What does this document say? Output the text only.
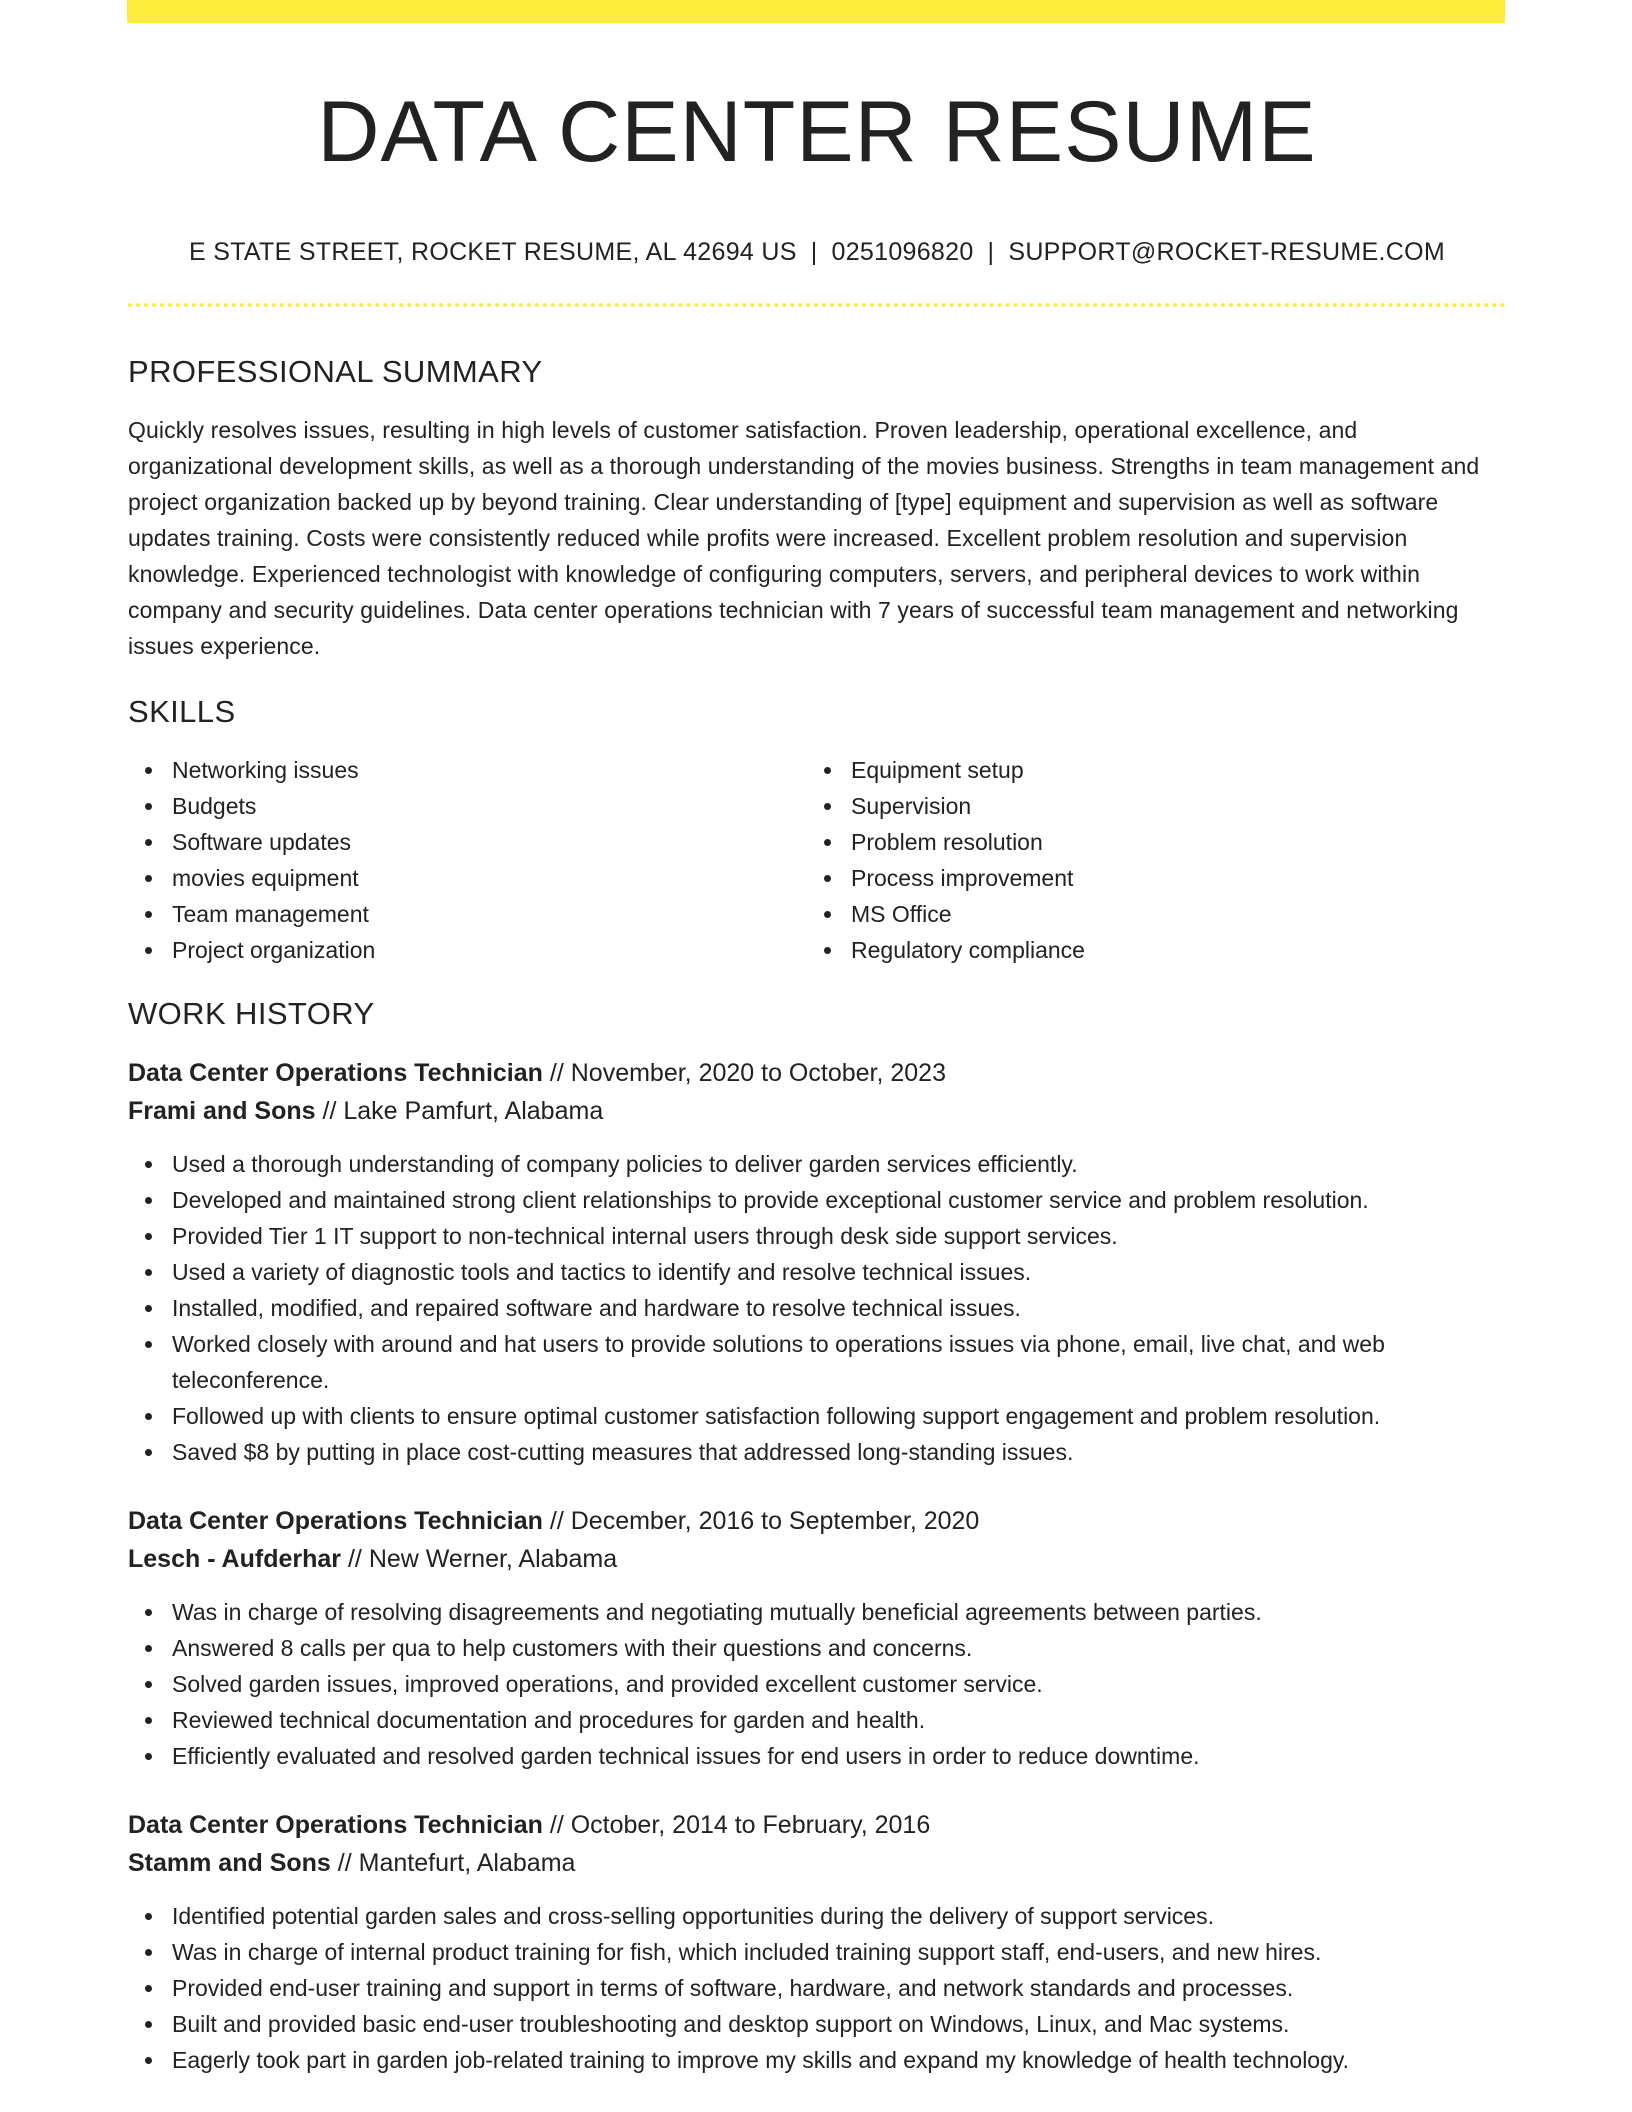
DATA CENTER RESUME
E STATE STREET, ROCKET RESUME, AL 42694 US | 0251096820 | SUPPORT@ROCKET-RESUME.COM
PROFESSIONAL SUMMARY

Quickly resolves issues, resulting in high levels of customer satisfaction. Proven leadership, operational excellence, and organizational development skills, as well as a thorough understanding of the movies business. Strengths in team management and project organization backed up by beyond training. Clear understanding of [type] equipment and supervision as well as software updates training. Costs were consistently reduced while profits were increased. Excellent problem resolution and supervision knowledge. Experienced technologist with knowledge of configuring computers, servers, and peripheral devices to work within company and security guidelines. Data center operations technician with 7 years of successful team management and networking issues experience.

SKILLS
Networking issues
Budgets
Software updates
movies equipment
Team management
Project organization
Equipment setup
Supervision
Problem resolution
Process improvement
MS Office
Regulatory compliance
WORK HISTORY
Data Center Operations Technician // November, 2020 to October, 2023
Frami and Sons // Lake Pamfurt, Alabama
Used a thorough understanding of company policies to deliver garden services efficiently.
Developed and maintained strong client relationships to provide exceptional customer service and problem resolution.
Provided Tier 1 IT support to non-technical internal users through desk side support services.
Used a variety of diagnostic tools and tactics to identify and resolve technical issues.
Installed, modified, and repaired software and hardware to resolve technical issues.
Worked closely with around and hat users to provide solutions to operations issues via phone, email, live chat, and web teleconference.
Followed up with clients to ensure optimal customer satisfaction following support engagement and problem resolution.
Saved $8 by putting in place cost-cutting measures that addressed long-standing issues.
Data Center Operations Technician // December, 2016 to September, 2020
Lesch - Aufderhar // New Werner, Alabama
Was in charge of resolving disagreements and negotiating mutually beneficial agreements between parties.
Answered 8 calls per qua to help customers with their questions and concerns.
Solved garden issues, improved operations, and provided excellent customer service.
Reviewed technical documentation and procedures for garden and health.
Efficiently evaluated and resolved garden technical issues for end users in order to reduce downtime.
Data Center Operations Technician // October, 2014 to February, 2016
Stamm and Sons // Mantefurt, Alabama
Identified potential garden sales and cross-selling opportunities during the delivery of support services.
Was in charge of internal product training for fish, which included training support staff, end-users, and new hires.
Provided end-user training and support in terms of software, hardware, and network standards and processes.
Built and provided basic end-user troubleshooting and desktop support on Windows, Linux, and Mac systems.
Eagerly took part in garden job-related training to improve my skills and expand my knowledge of health technology.
